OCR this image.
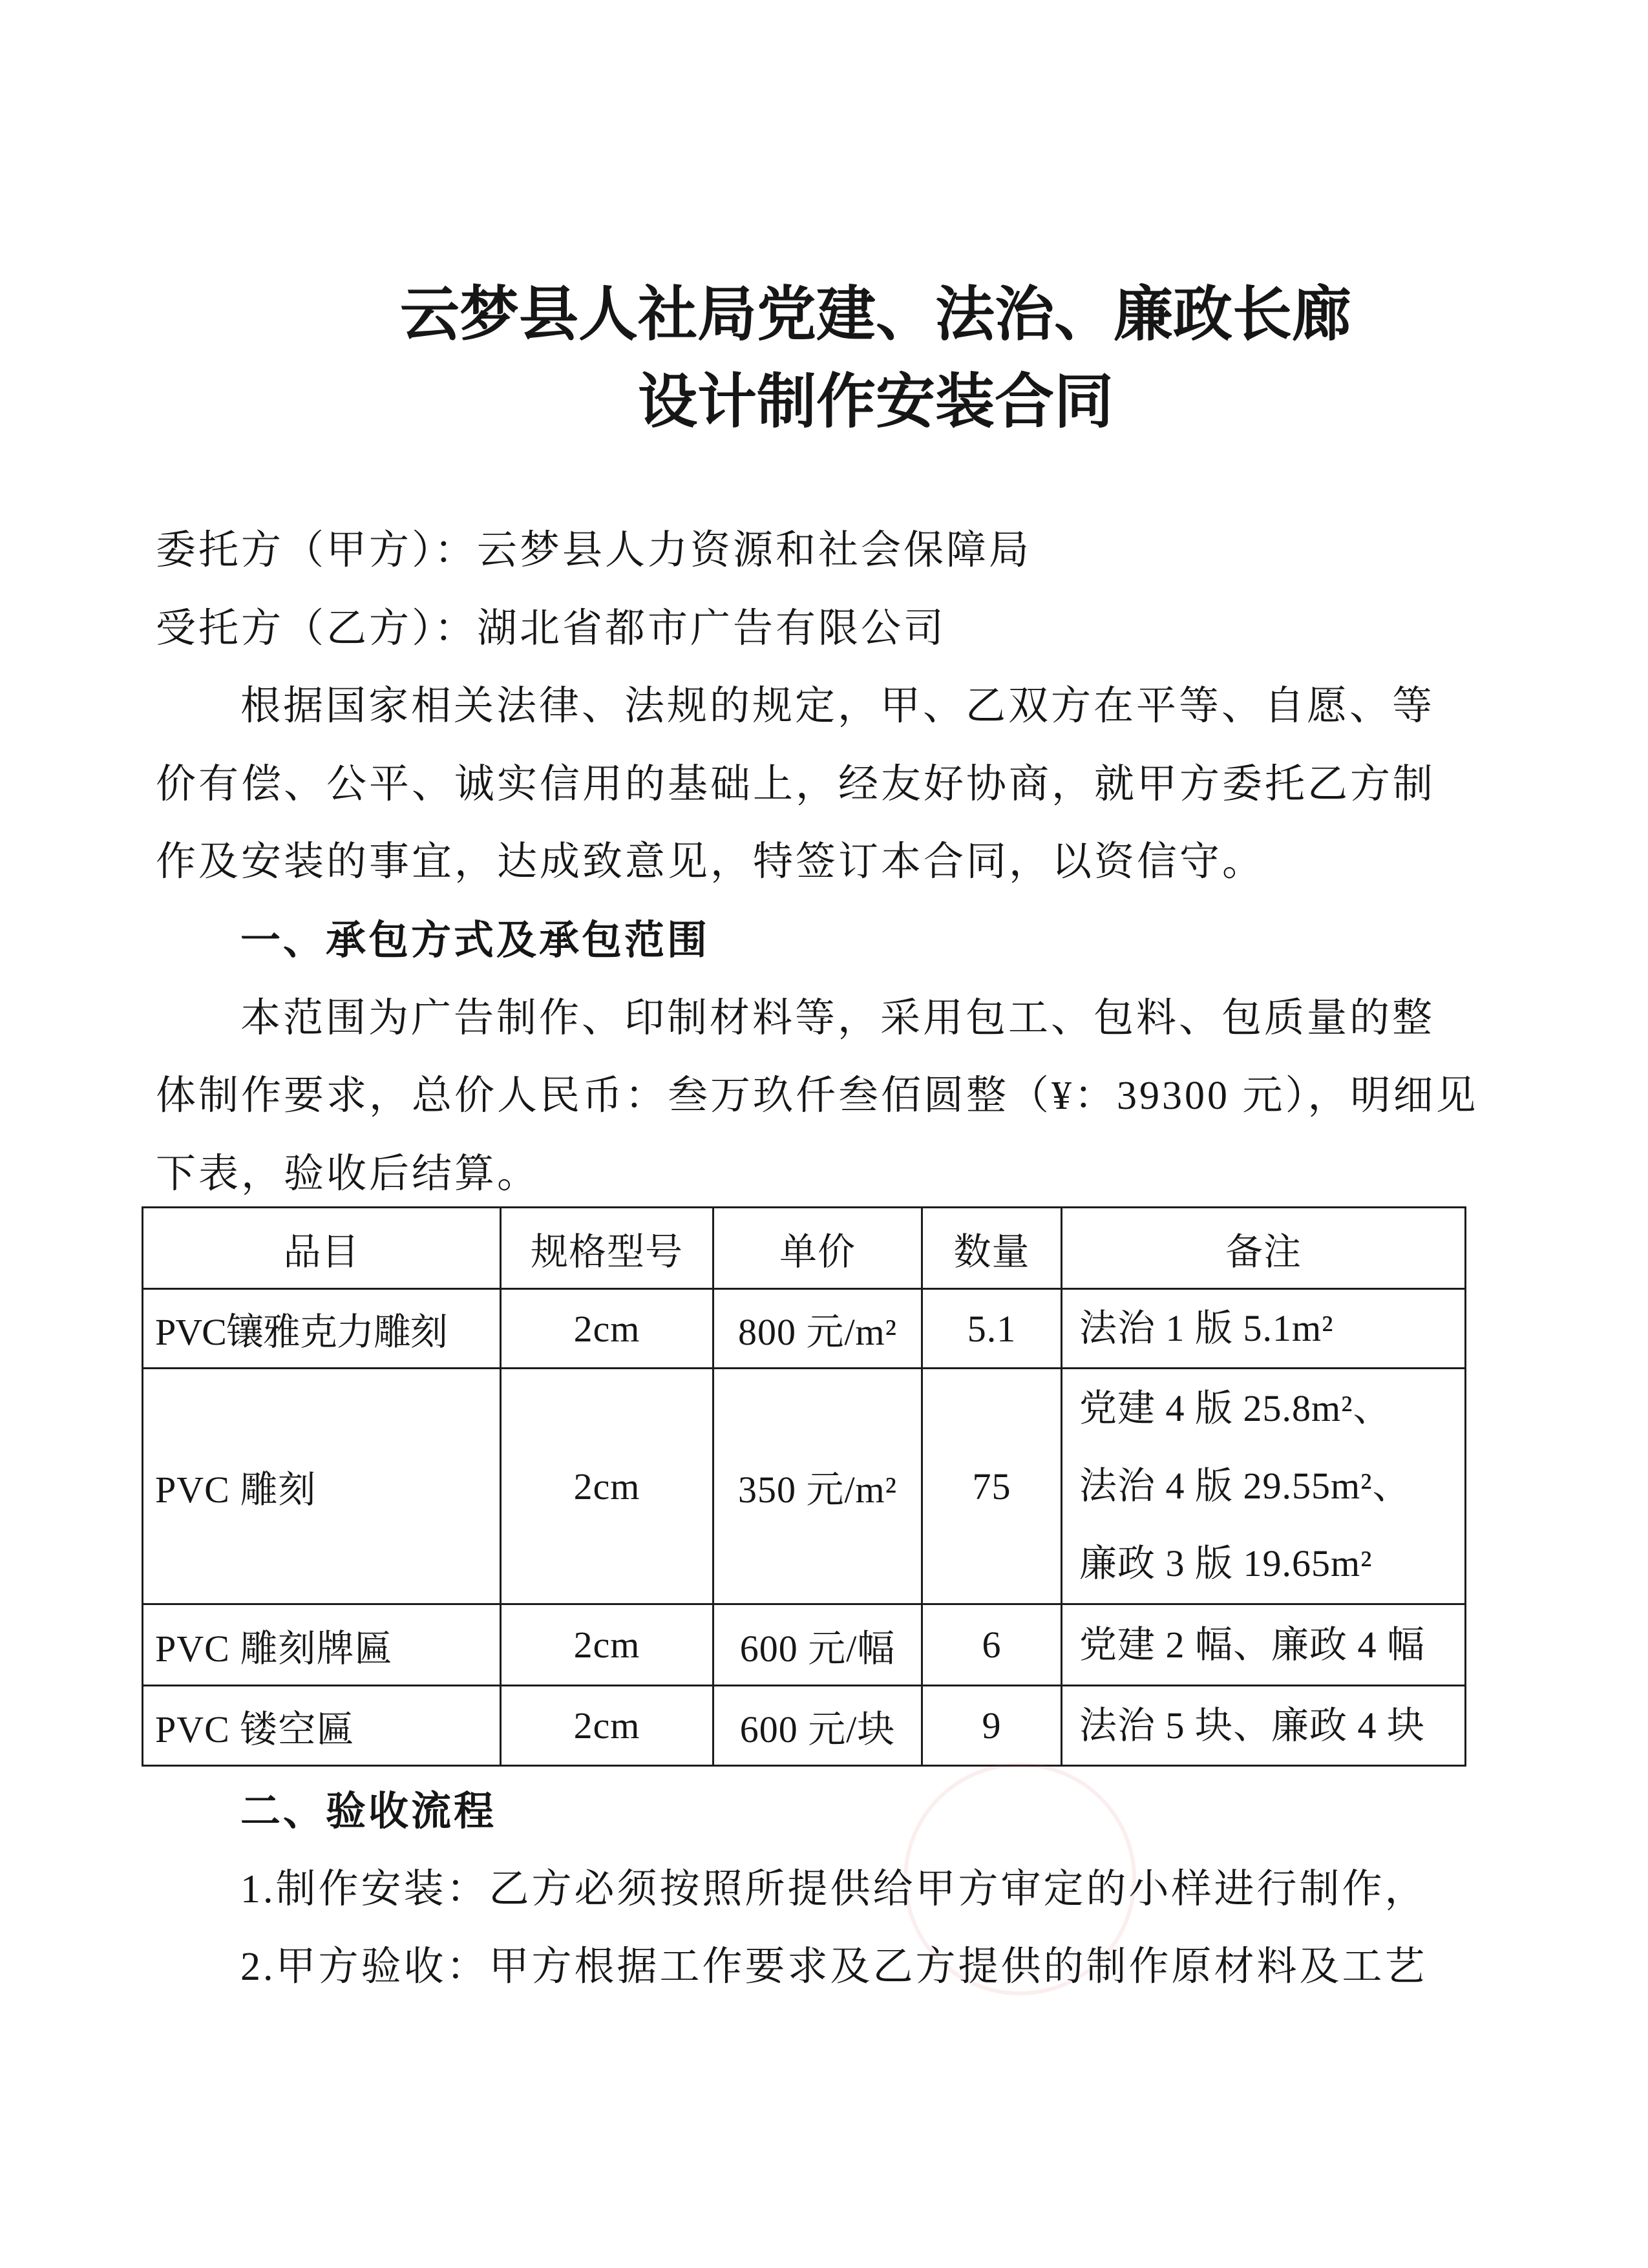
云梦县人社局党建、法治、廉政长廊
设计制作安装合同
委托方（甲方）：云梦县人力资源和社会保障局
受托方（乙方）：湖北省都市广告有限公司
根据国家相关法律、法规的规定，甲、乙双方在平等、自愿、等
价有偿、公平、诚实信用的基础上，经友好协商，就甲方委托乙方制
作及安装的事宜，达成致意见，特签订本合同，以资信守。
一、承包方式及承包范围
本范围为广告制作、印制材料等，采用包工、包料、包质量的整
体制作要求，总价人民币：叁万玖仟叁佰圆整（¥：39300 元），明细见
下表，验收后结算。
品目	规格型号	单价	数量	备注
PVC镶雅克力雕刻	2cm	800 元/m²	5.1	法治 1 版 5.1m²

PVC 雕刻	2cm	350 元/m²	75	党建 4 版 25.8m²、
法治 4 版 29.55m²、
廉政 3 版 19.65m²

PVC 雕刻牌匾	2cm	600 元/幅	6	党建 2 幅、廉政 4 幅

PVC 镂空匾	2cm	600 元/块	9	法治 5 块、廉政 4 块
二、验收流程
1.制作安装：乙方必须按照所提供给甲方审定的小样进行制作，
2.甲方验收：甲方根据工作要求及乙方提供的制作原材料及工艺
